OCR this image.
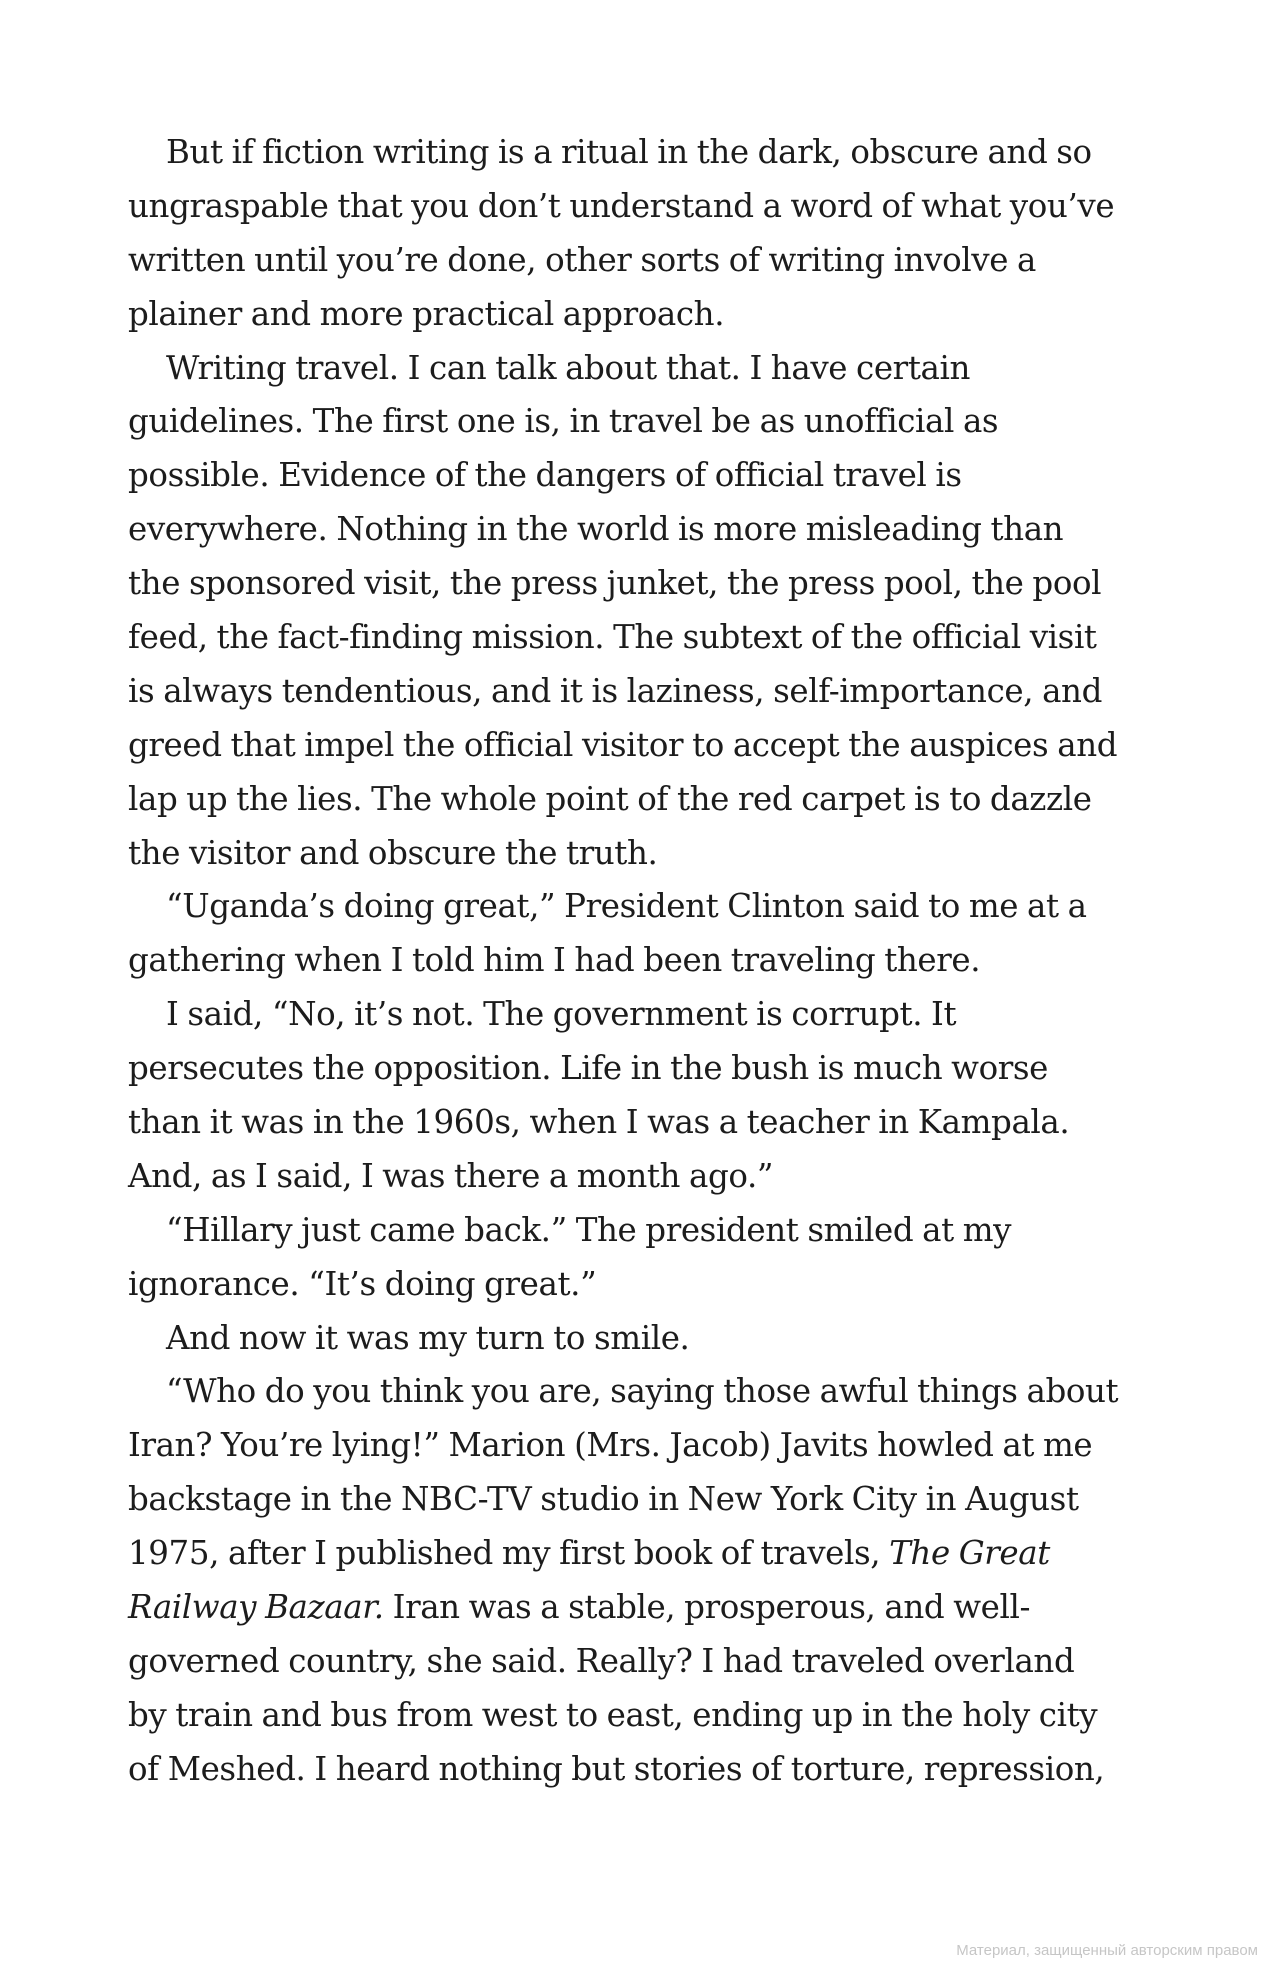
But if fiction writing is a ritual in the dark, obscure and so
ungraspable that you don’t understand a word of what you’ve
written until you’re done, other sorts of writing involve a
plainer and more practical approach.
Writing travel. I can talk about that. I have certain
guidelines. The first one is, in travel be as unofficial as
possible. Evidence of the dangers of official travel is
everywhere. Nothing in the world is more misleading than
the sponsored visit, the press junket, the press pool, the pool
feed, the fact-finding mission. The subtext of the official visit
is always tendentious, and it is laziness, self-importance, and
greed that impel the official visitor to accept the auspices and
lap up the lies. The whole point of the red carpet is to dazzle
the visitor and obscure the truth.
“Uganda’s doing great,” President Clinton said to me at a
gathering when I told him I had been traveling there.
I said, “No, it’s not. The government is corrupt. It
persecutes the opposition. Life in the bush is much worse
than it was in the 1960s, when I was a teacher in Kampala.
And, as I said, I was there a month ago.”
“Hillary just came back.” The president smiled at my
ignorance. “It’s doing great.”
And now it was my turn to smile.
“Who do you think you are, saying those awful things about
Iran? You’re lying!” Marion (Mrs. Jacob) Javits howled at me
backstage in the NBC-TV studio in New York City in August
1975, after I published my first book of travels, The Great
Railway Bazaar. Iran was a stable, prosperous, and well-
governed country, she said. Really? I had traveled overland
by train and bus from west to east, ending up in the holy city
of Meshed. I heard nothing but stories of torture, repression,
Материал, защищенный авторским правом
